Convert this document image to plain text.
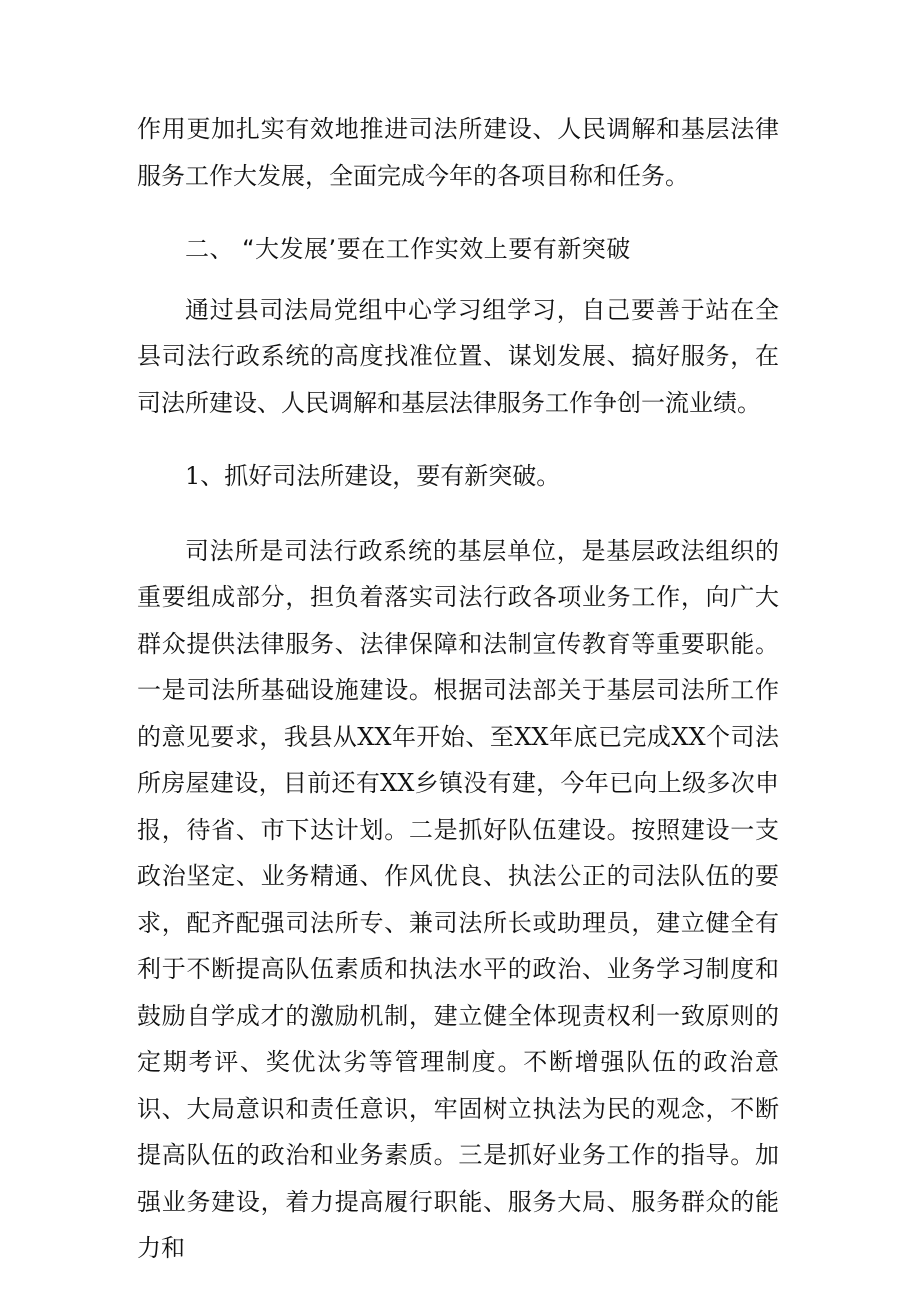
作用更加扎实有效地推进司法所建设、人民调解和基层法律服务工作大发展，全面完成今年的各项目称和任务。

二、 “大发展’要在工作实效上要有新突破

通过县司法局党组中心学习组学习，自己要善于站在全县司法行政系统的高度找准位置、谋划发展、搞好服务，在司法所建设、人民调解和基层法律服务工作争创一流业绩。

1、抓好司法所建设，要有新突破。

司法所是司法行政系统的基层单位，是基层政法组织的重要组成部分，担负着落实司法行政各项业务工作，向广大群众提供法律服务、法律保障和法制宣传教育等重要职能。一是司法所基础设施建设。根据司法部关于基层司法所工作的意见要求，我县从XX年开始、至XX年底已完成XX个司法所房屋建设，目前还有XX乡镇没有建，今年已向上级多次申报，待省、市下达计划。二是抓好队伍建设。按照建设一支政治坚定、业务精通、作风优良、执法公正的司法队伍的要求，配齐配强司法所专、兼司法所长或助理员，建立健全有利于不断提高队伍素质和执法水平的政治、业务学习制度和鼓励自学成才的激励机制，建立健全体现责权利一致原则的定期考评、奖优汰劣等管理制度。不断增强队伍的政治意识、大局意识和责任意识，牢固树立执法为民的观念，不断提高队伍的政治和业务素质。三是抓好业务工作的指导。加强业务建设，着力提高履行职能、服务大局、服务群众的能力和
